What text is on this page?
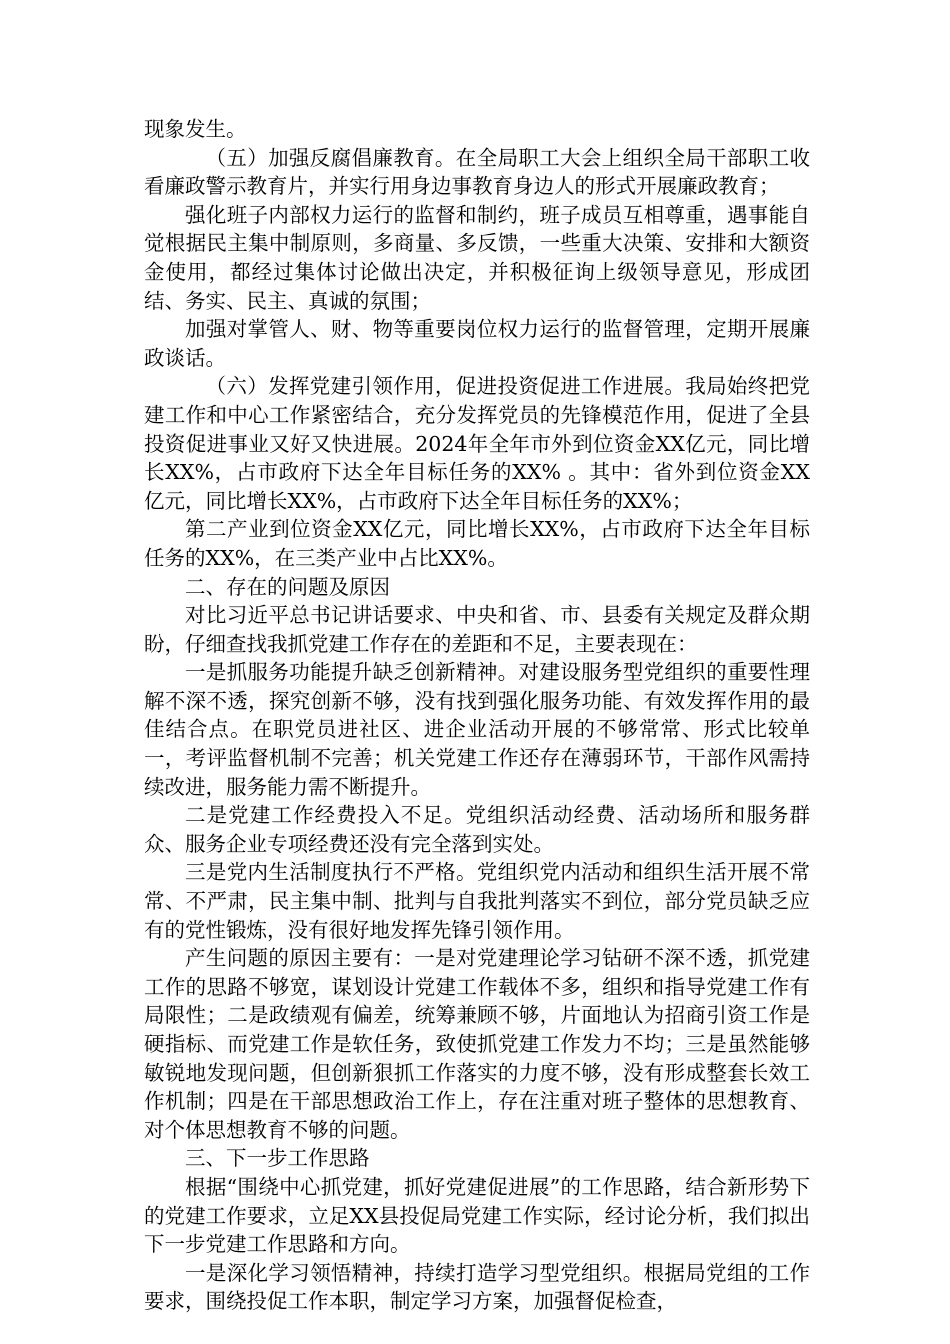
现象发生。

（五）加强反腐倡廉教育。在全局职工大会上组织全局干部职工收看廉政警示教育片，并实行用身边事教育身边人的形式开展廉政教育；

强化班子内部权力运行的监督和制约，班子成员互相尊重，遇事能自觉根据民主集中制原则，多商量、多反馈，一些重大决策、安排和大额资金使用，都经过集体讨论做出决定，并积极征询上级领导意见，形成团结、务实、民主、真诚的氛围；

加强对掌管人、财、物等重要岗位权力运行的监督管理，定期开展廉政谈话。

（六）发挥党建引领作用，促进投资促进工作进展。我局始终把党建工作和中心工作紧密结合，充分发挥党员的先锋模范作用，促进了全县投资促进事业又好又快进展。2024年全年市外到位资金XX亿元，同比增长XX%，占市政府下达全年目标任务的XX% 。其中：省外到位资金XX亿元，同比增长XX%，占市政府下达全年目标任务的XX%；

第二产业到位资金XX亿元，同比增长XX%，占市政府下达全年目标任务的XX%，在三类产业中占比XX%。

二、存在的问题及原因

对比习近平总书记讲话要求、中央和省、市、县委有关规定及群众期盼，仔细查找我抓党建工作存在的差距和不足，主要表现在：

一是抓服务功能提升缺乏创新精神。对建设服务型党组织的重要性理解不深不透，探究创新不够，没有找到强化服务功能、有效发挥作用的最佳结合点。在职党员进社区、进企业活动开展的不够常常、形式比较单一，考评监督机制不完善；机关党建工作还存在薄弱环节，干部作风需持续改进，服务能力需不断提升。

二是党建工作经费投入不足。党组织活动经费、活动场所和服务群众、服务企业专项经费还没有完全落到实处。

三是党内生活制度执行不严格。党组织党内活动和组织生活开展不常常、不严肃，民主集中制、批判与自我批判落实不到位，部分党员缺乏应有的党性锻炼，没有很好地发挥先锋引领作用。

产生问题的原因主要有：一是对党建理论学习钻研不深不透，抓党建工作的思路不够宽，谋划设计党建工作载体不多，组织和指导党建工作有局限性；二是政绩观有偏差，统筹兼顾不够，片面地认为招商引资工作是硬指标、而党建工作是软任务，致使抓党建工作发力不均；三是虽然能够敏锐地发现问题，但创新狠抓工作落实的力度不够，没有形成整套长效工作机制；四是在干部思想政治工作上，存在注重对班子整体的思想教育、对个体思想教育不够的问题。

三、下一步工作思路

根据“围绕中心抓党建，抓好党建促进展”的工作思路，结合新形势下的党建工作要求，立足XX县投促局党建工作实际，经讨论分析，我们拟出下一步党建工作思路和方向。

一是深化学习领悟精神，持续打造学习型党组织。根据局党组的工作要求，围绕投促工作本职，制定学习方案，加强督促检查，
